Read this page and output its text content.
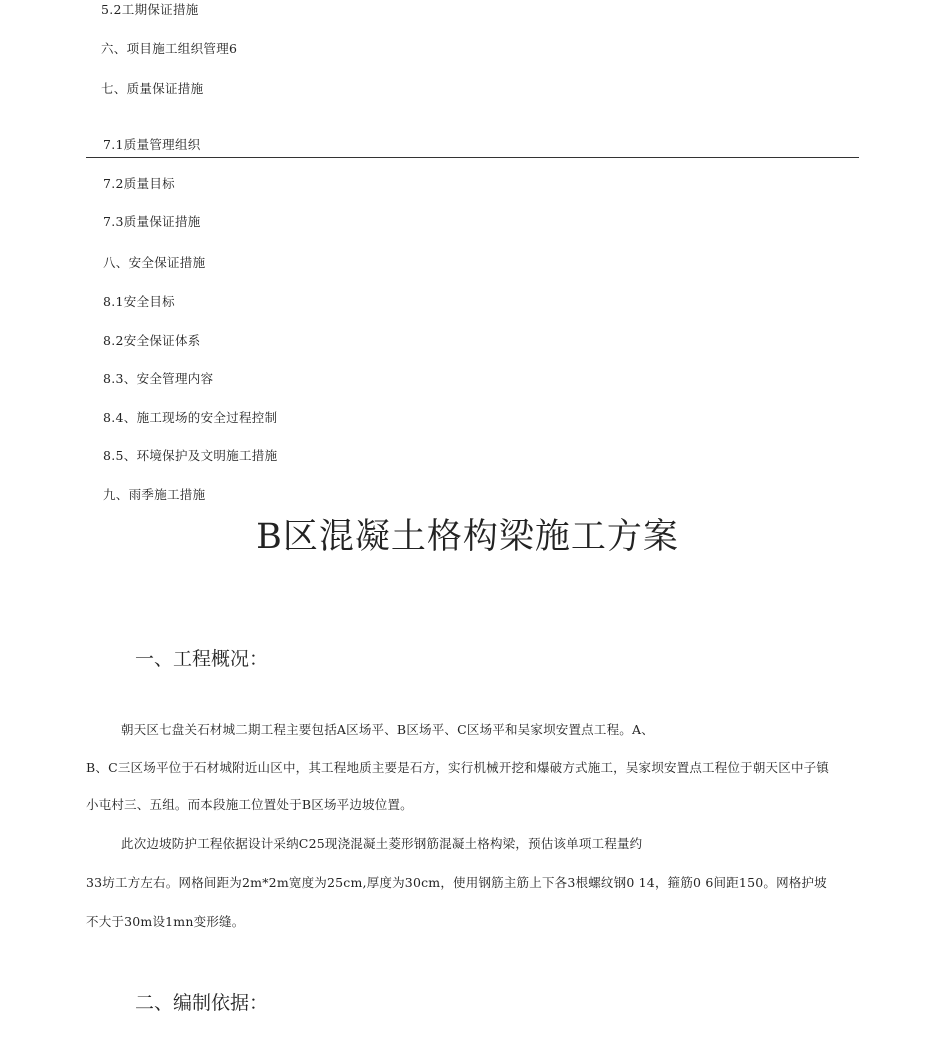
5.2工期保证措施
六、项目施工组织管理6
七、质量保证措施
7.1质量管理组织
7.2质量目标
7.3质量保证措施
八、安全保证措施
8.1安全目标
8.2安全保证体系
8.3、安全管理内容
8.4、施工现场的安全过程控制
8.5、环境保护及文明施工措施
九、雨季施工措施
B区混凝土格构梁施工方案
一、工程概况：
朝天区七盘关石材城二期工程主要包括A区场平、B区场平、C区场平和吴家坝安置点工程。A、
B、C三区场平位于石材城附近山区中，其工程地质主要是石方，实行机械开挖和爆破方式施工，吴家坝安置点工程位于朝天区中子镇
小屯村三、五组。而本段施工位置处于B区场平边坡位置。
此次边坡防护工程依据设计采纳C25现浇混凝土菱形钢筋混凝土格构梁，预估该单项工程量约
33坊工方左右。网格间距为2m*2m宽度为25cm,厚度为30cm，使用钢筋主筋上下各3根螺纹钢0 14，箍筋0 6间距150。网格护坡
不大于30m设1mn变形缝。
二、编制依据：
